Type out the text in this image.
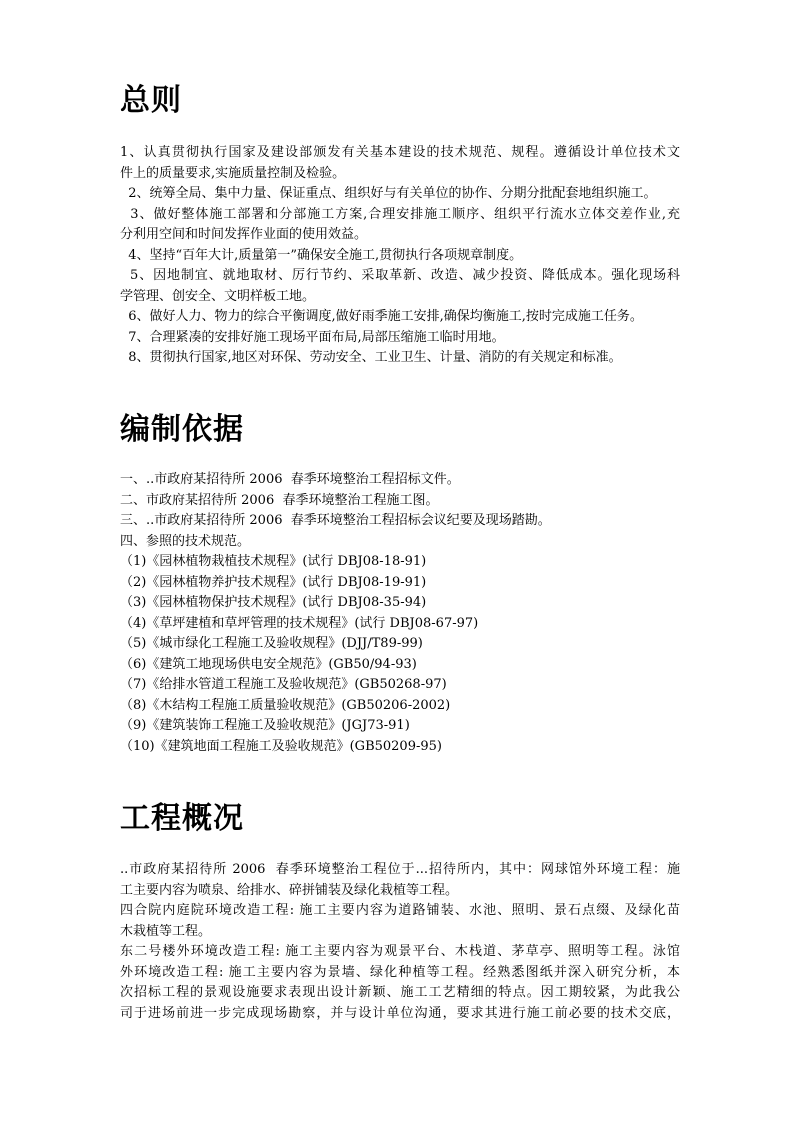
总则
1、认真贯彻执行国家及建设部颁发有关基本建设的技术规范、规程。遵循设计单位技术文
件上的质量要求,实施质量控制及检验。
2、统筹全局、集中力量、保证重点、组织好与有关单位的协作、分期分批配套地组织施工。
3、做好整体施工部署和分部施工方案,合理安排施工顺序、组织平行流水立体交差作业,充
分利用空间和时间发挥作业面的使用效益。
4、坚持“百年大计,质量第一”确保安全施工,贯彻执行各项规章制度。
5、因地制宜、就地取材、厉行节约、采取革新、改造、减少投资、降低成本。强化现场科
学管理、创安全、文明样板工地。
6、做好人力、物力的综合平衡调度,做好雨季施工安排,确保均衡施工,按时完成施工任务。
7、合理紧凑的安排好施工现场平面布局,局部压缩施工临时用地。
8、贯彻执行国家,地区对环保、劳动安全、工业卫生、计量、消防的有关规定和标准。
编制依据
一、..市政府某招待所 2006  春季环境整治工程招标文件。
二、市政府某招待所 2006  春季环境整治工程施工图。
三、..市政府某招待所 2006  春季环境整治工程招标会议纪要及现场踏勘。
四、参照的技术规范。
（1)《园林植物栽植技术规程》(试行 DBJ08-18-91)
（2)《园林植物养护技术规程》(试行 DBJ08-19-91)
（3)《园林植物保护技术规程》(试行 DBJ08-35-94)
（4)《草坪建植和草坪管理的技术规程》(试行 DBJ08-67-97)
（5)《城市绿化工程施工及验收规程》(DJJ/T89-99)
（6)《建筑工地现场供电安全规范》(GB50/94-93)
（7)《给排水管道工程施工及验收规范》(GB50268-97)
（8)《木结构工程施工质量验收规范》(GB50206-2002)
（9)《建筑装饰工程施工及验收规范》(JGJ73-91)
（10)《建筑地面工程施工及验收规范》(GB50209-95)
工程概况
..市政府某招待所 2006  春季环境整治工程位于...招待所内，其中：网球馆外环境工程：施
工主要内容为喷泉、给排水、碎拼铺装及绿化栽植等工程。
四合院内庭院环境改造工程: 施工主要内容为道路铺装、水池、照明、景石点缀、及绿化苗
木栽植等工程。
东二号楼外环境改造工程: 施工主要内容为观景平台、木栈道、茅草亭、照明等工程。泳馆
外环境改造工程: 施工主要内容为景墙、绿化种植等工程。经熟悉图纸并深入研究分析，本
次招标工程的景观设施要求表现出设计新颖、施工工艺精细的特点。因工期较紧，为此我公
司于进场前进一步完成现场勘察，并与设计单位沟通，要求其进行施工前必要的技术交底，
